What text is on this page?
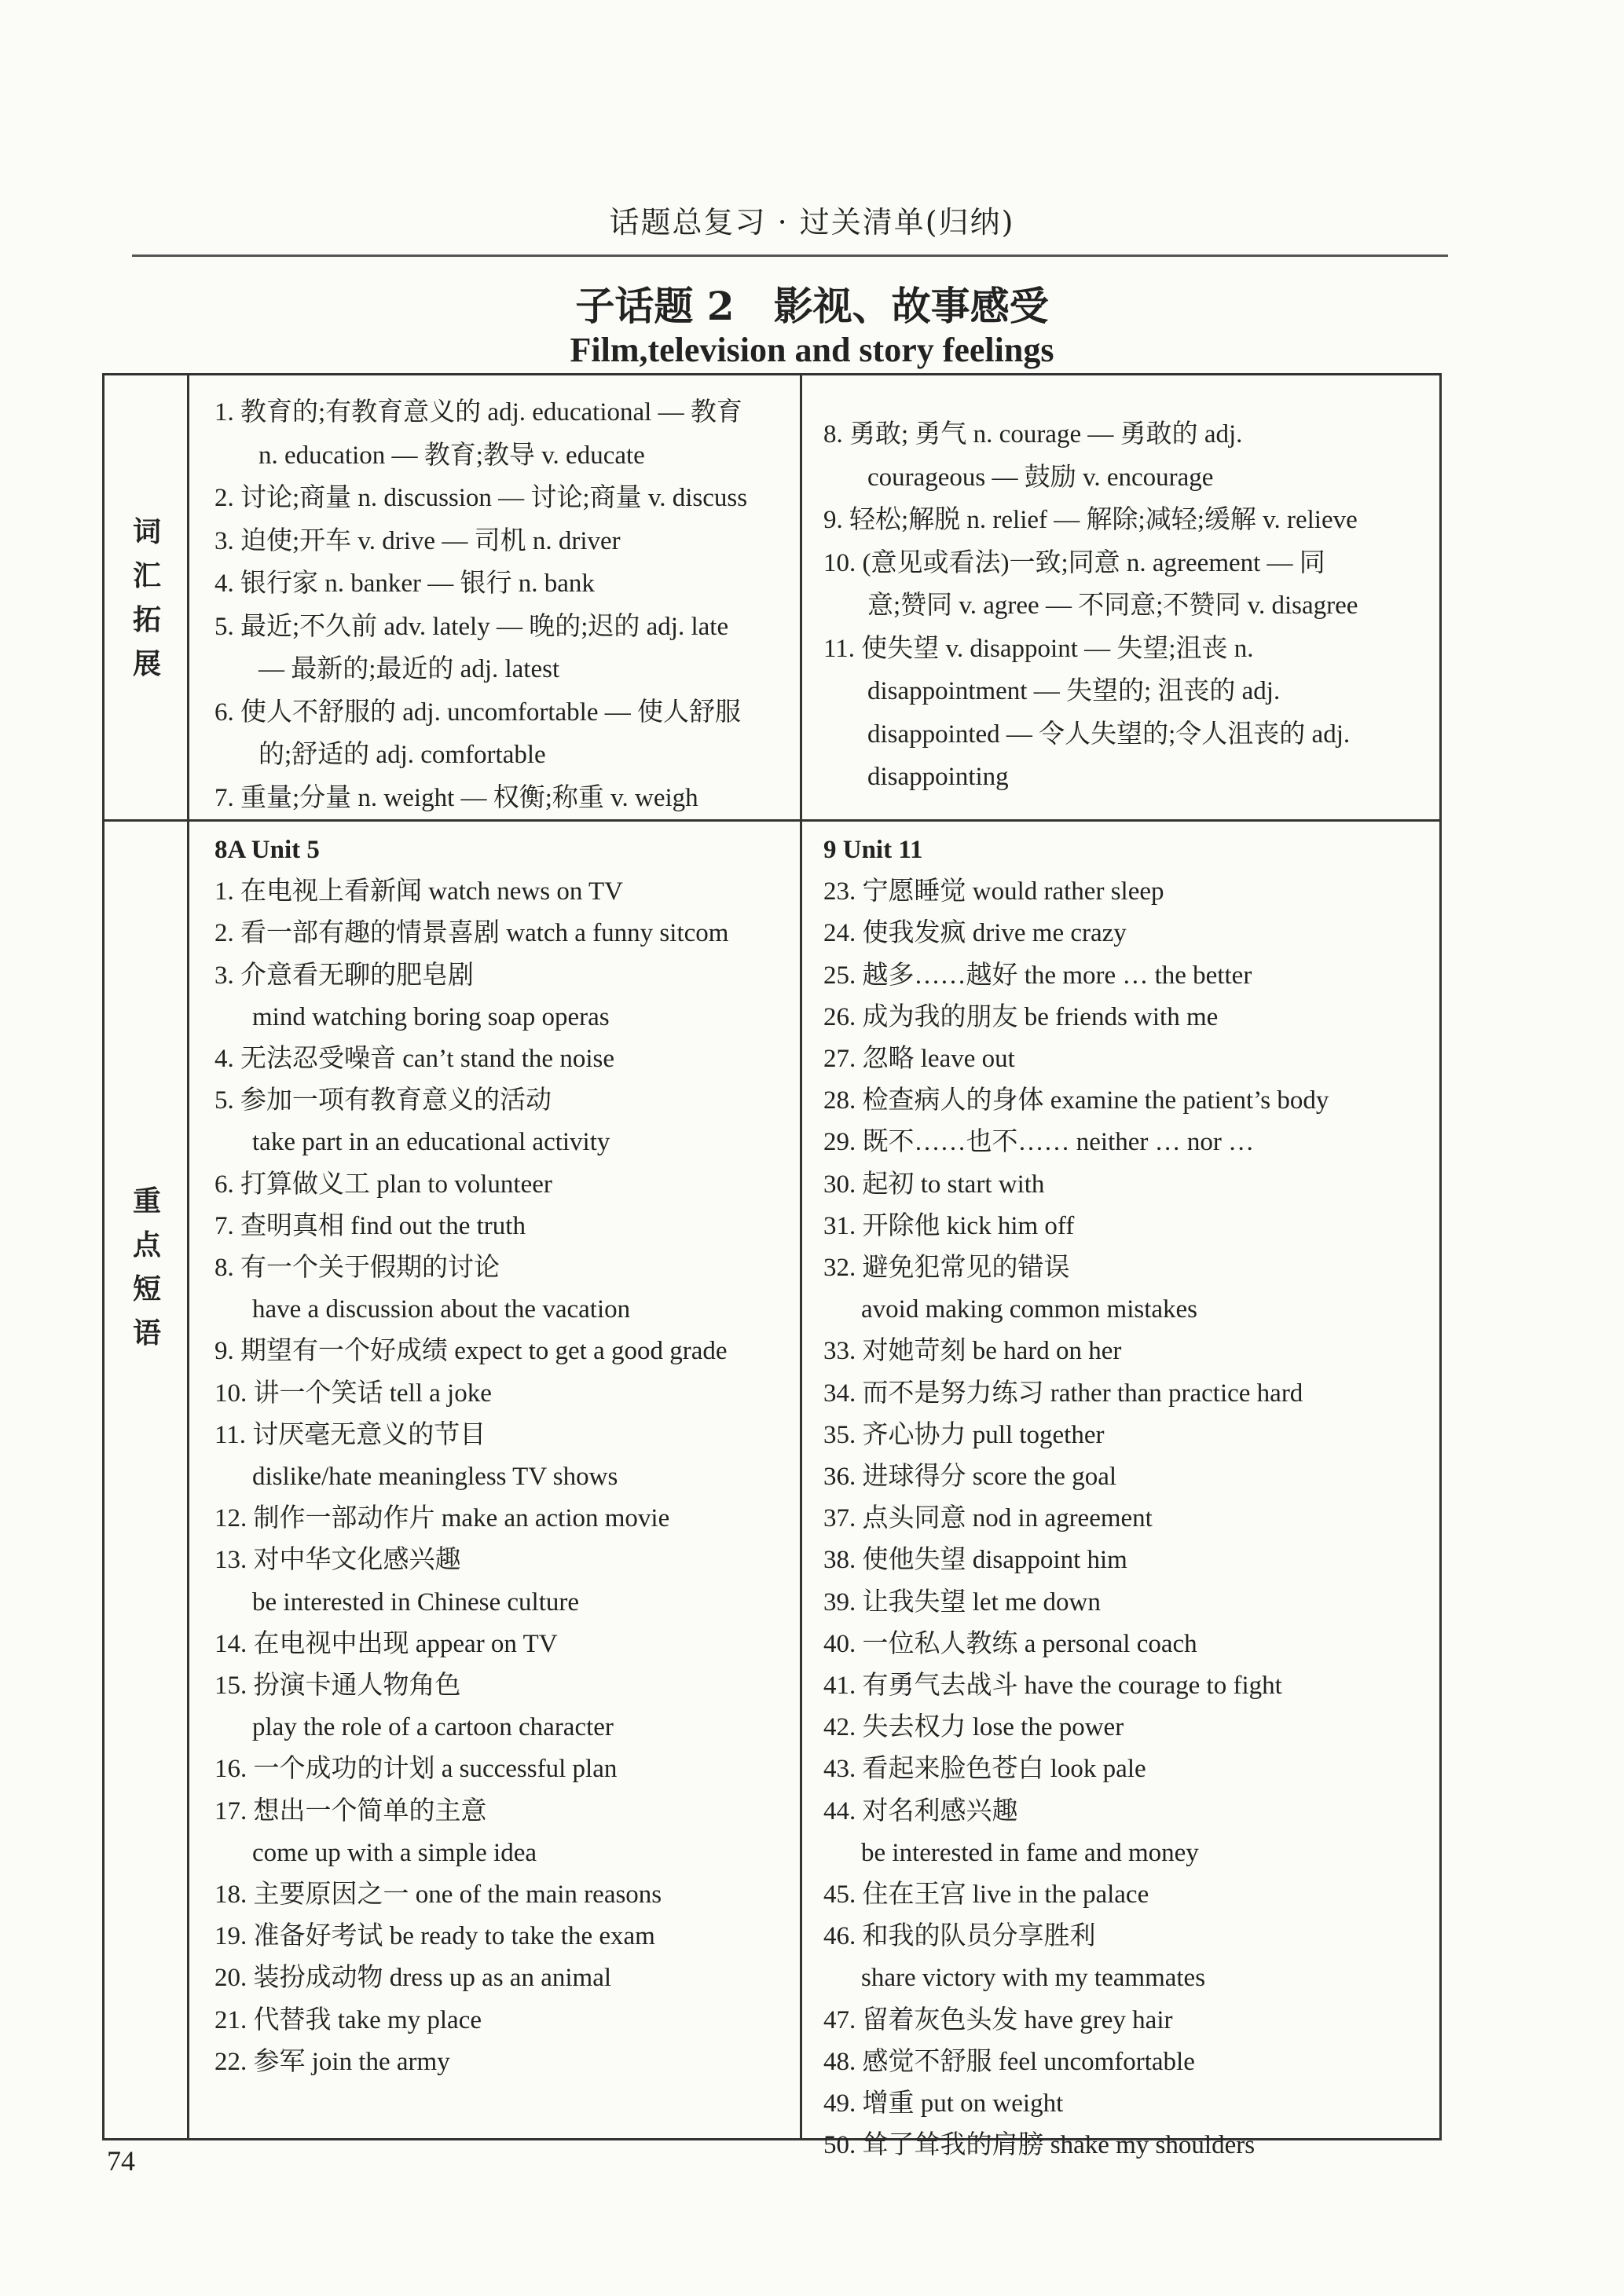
话题总复习 · 过关清单(归纳)
子话题 2　影视、故事感受
Film,television and story feelings
词
汇
拓
展
重
点
短
语

1. 教育的;有教育意义的 adj. educational — 教育

n. education — 教育;教导 v. educate

2. 讨论;商量 n. discussion — 讨论;商量 v. discuss

3. 迫使;开车 v. drive — 司机 n. driver

4. 银行家 n. banker — 银行 n. bank

5. 最近;不久前 adv. lately — 晚的;迟的 adj. late

— 最新的;最近的 adj. latest

6. 使人不舒服的 adj. uncomfortable — 使人舒服

的;舒适的 adj. comfortable

7. 重量;分量 n. weight — 权衡;称重 v. weigh

8. 勇敢; 勇气 n. courage — 勇敢的 adj.

courageous — 鼓励 v. encourage

9. 轻松;解脱 n. relief — 解除;减轻;缓解 v. relieve

10. (意见或看法)一致;同意 n. agreement — 同

意;赞同 v. agree — 不同意;不赞同 v. disagree

11. 使失望 v. disappoint — 失望;沮丧 n.

disappointment — 失望的; 沮丧的 adj.

disappointed — 令人失望的;令人沮丧的 adj.

disappointing

8A Unit 5

1. 在电视上看新闻 watch news on TV

2. 看一部有趣的情景喜剧 watch a funny sitcom

3. 介意看无聊的肥皂剧

mind watching boring soap operas

4. 无法忍受噪音 can’t stand the noise

5. 参加一项有教育意义的活动

take part in an educational activity

6. 打算做义工 plan to volunteer

7. 查明真相 find out the truth

8. 有一个关于假期的讨论

have a discussion about the vacation

9. 期望有一个好成绩 expect to get a good grade

10. 讲一个笑话 tell a joke

11. 讨厌毫无意义的节目

dislike/hate meaningless TV shows

12. 制作一部动作片 make an action movie

13. 对中华文化感兴趣

be interested in Chinese culture

14. 在电视中出现 appear on TV

15. 扮演卡通人物角色

play the role of a cartoon character

16. 一个成功的计划 a successful plan

17. 想出一个简单的主意

come up with a simple idea

18. 主要原因之一 one of the main reasons

19. 准备好考试 be ready to take the exam

20. 装扮成动物 dress up as an animal

21. 代替我 take my place

22. 参军 join the army

9 Unit 11

23. 宁愿睡觉 would rather sleep

24. 使我发疯 drive me crazy

25. 越多……越好 the more … the better

26. 成为我的朋友 be friends with me

27. 忽略 leave out

28. 检查病人的身体 examine the patient’s body

29. 既不……也不…… neither … nor …

30. 起初 to start with

31. 开除他 kick him off

32. 避免犯常见的错误

avoid making common mistakes

33. 对她苛刻 be hard on her

34. 而不是努力练习 rather than practice hard

35. 齐心协力 pull together

36. 进球得分 score the goal

37. 点头同意 nod in agreement

38. 使他失望 disappoint him

39. 让我失望 let me down

40. 一位私人教练 a personal coach

41. 有勇气去战斗 have the courage to fight

42. 失去权力 lose the power

43. 看起来脸色苍白 look pale

44. 对名利感兴趣

be interested in fame and money

45. 住在王宫 live in the palace

46. 和我的队员分享胜利

share victory with my teammates

47. 留着灰色头发 have grey hair

48. 感觉不舒服 feel uncomfortable

49. 增重 put on weight

50. 耸了耸我的肩膀 shake my shoulders

74
